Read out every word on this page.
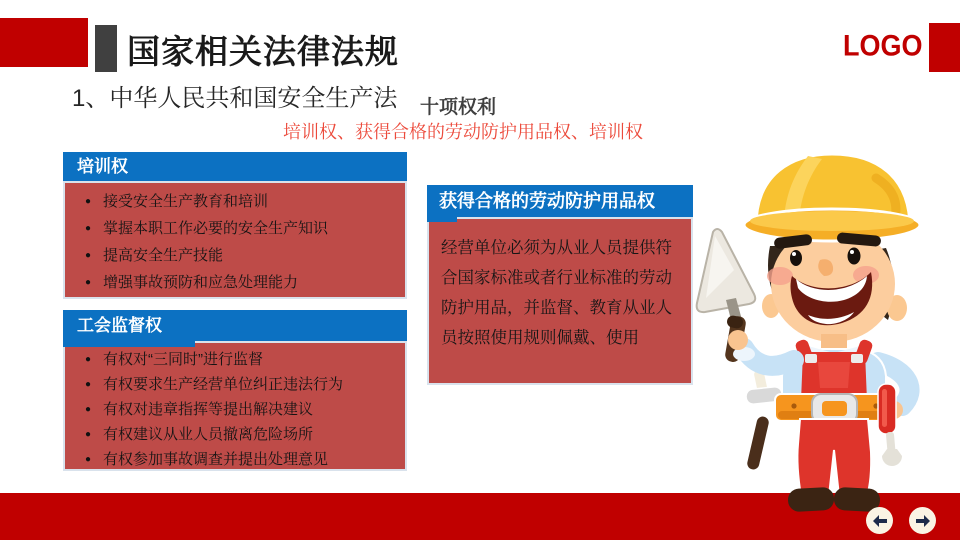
国家相关法律法规	LOGO
1、中华人民共和国安全生产法 十项权利
培训权、获得合格的劳动防护用品权、培训权
培训权
● 接受安全生产教育和培训
● 掌握本职工作必要的安全生产知识
● 提高安全生产技能
● 增强事故预防和应急处理能力
工会监督权
● 有权对“三同时”进行监督
● 有权要求生产经营单位纠正违法行为
● 有权对违章指挥等提出解决建议
● 有权建议从业人员撤离危险场所
● 有权参加事故调查并提出处理意见
获得合格的劳动防护用品权
经营单位必须为从业人员提供符合国家标准或者行业标准的劳动防护用品，并监督、教育从业人员按照使用规则佩戴、使用
